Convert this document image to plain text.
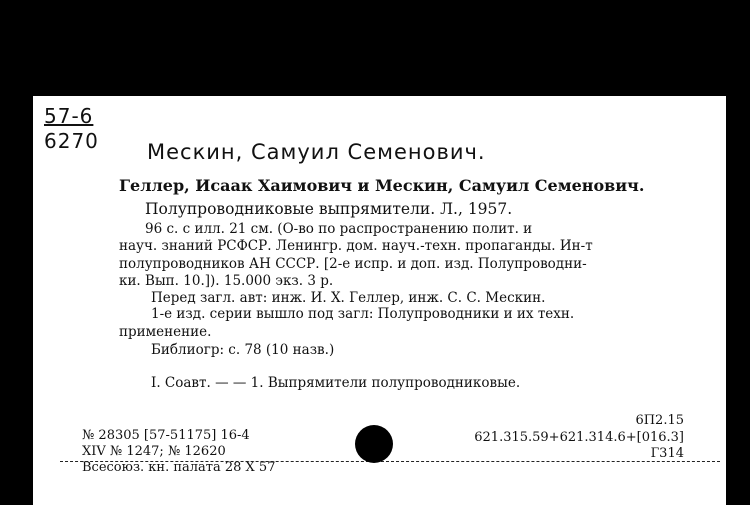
57-6
6270 Мескин, Самуил Семенович.
Геллер, Исаак Хаимович и Мескин, Самуил Семенович.
Полупроводниковые выпрямители. Л., 1957.
96 с. с илл. 21 см. (О-во по распространению полит. и
науч. знаний РСФСР. Ленингр. дом. науч.-техн. пропаганды. Ин-т
полупроводников АН СССР. [2-е испр. и доп. изд. Полупроводни-
ки. Вып. 10.]). 15.000 экз. 3 р.
Перед загл. авт: инж. И. Х. Геллер, инж. С. С. Мескин.
1-е изд. серии вышло под загл: Полупроводники и их техн.
применение.
Библиогр: с. 78 (10 назв.)
I. Соавт. — — 1. Выпрямители полупроводниковые.
№ 28305 [57-51175] 16-4
XIV № 1247; № 12620
Всесоюз. кн. палата 28 X 57
6П2.15
621.315.59+621.314.6+[016.3]
Г314
